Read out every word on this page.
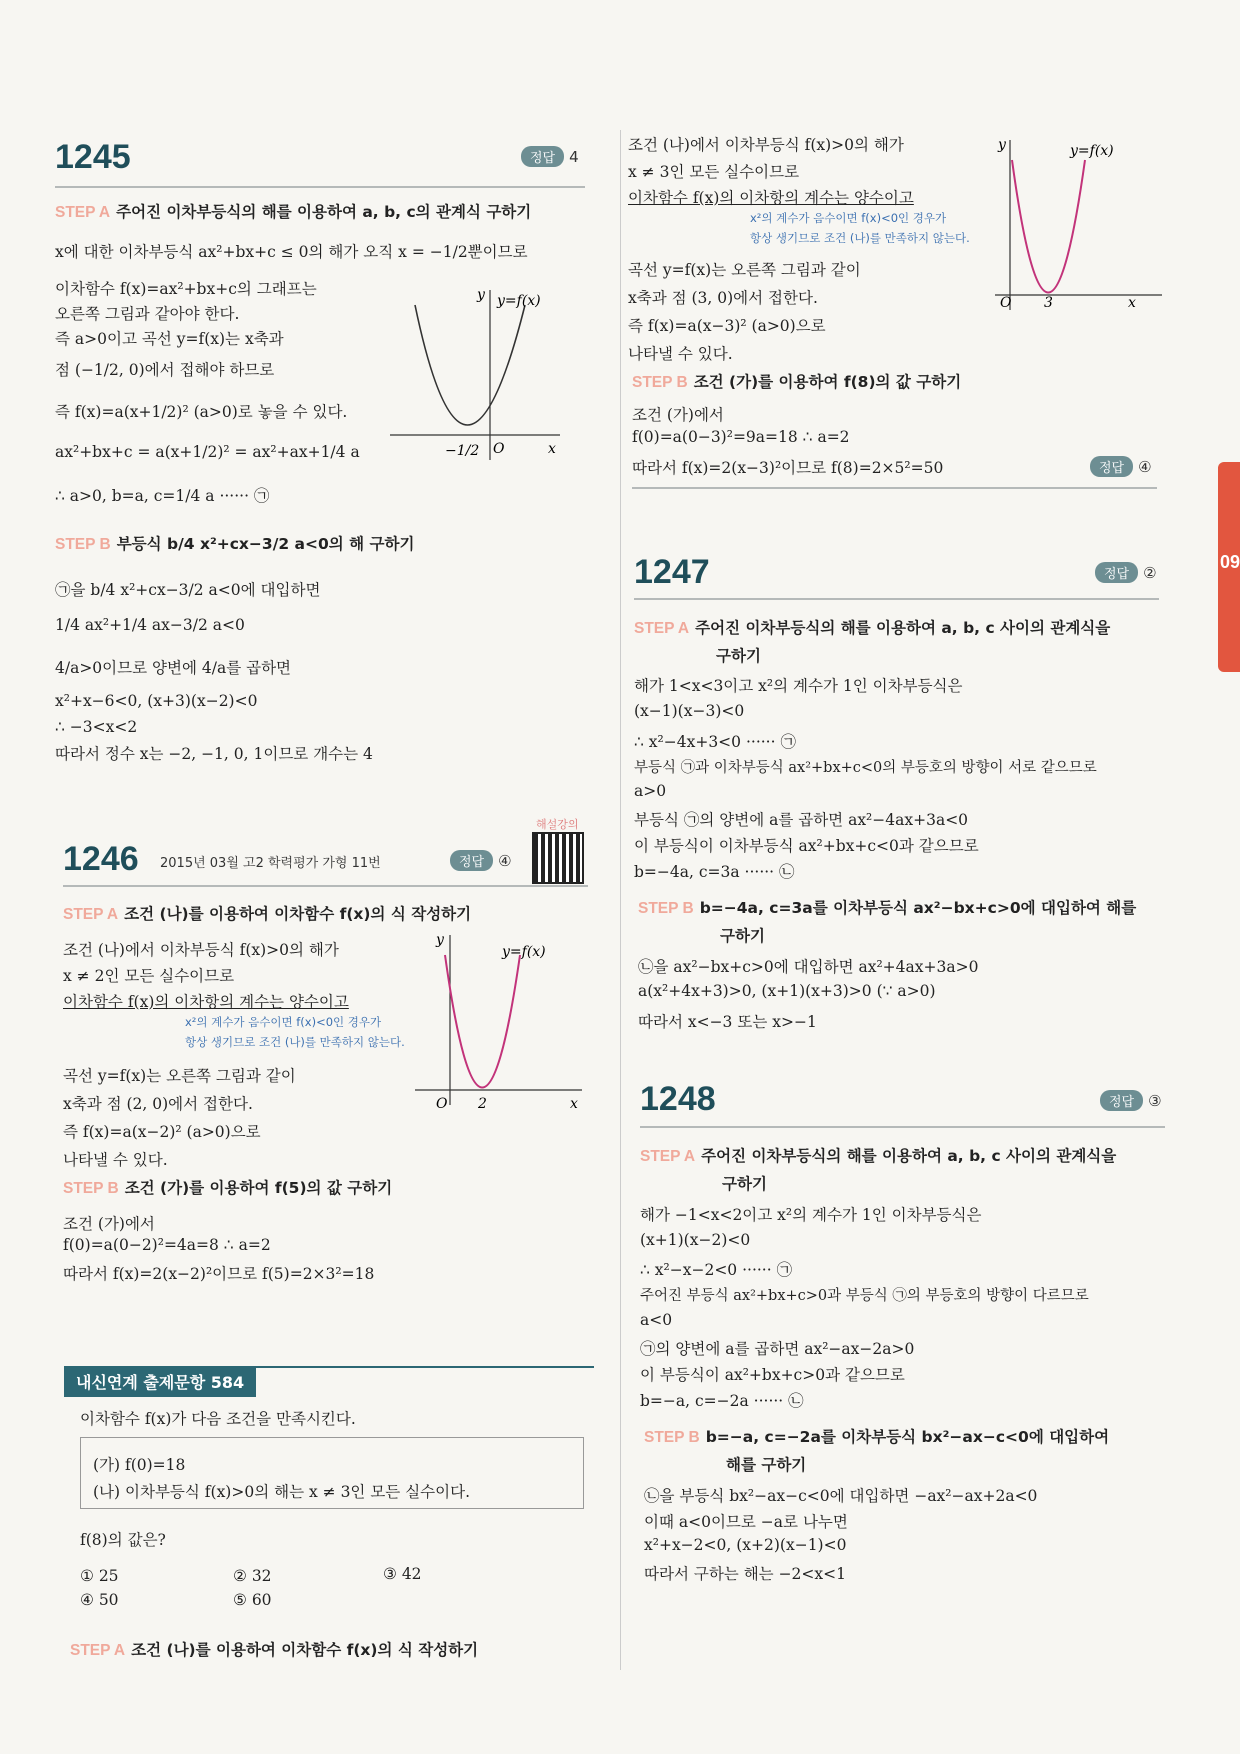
1245	정답 4
STEP A 주어진 이차부등식의 해를 이용하여 a, b, c의 관계식 구하기
x에 대한 이차부등식 ax²+bx+c ≤ 0의 해가 오직 x = −1/2뿐이므로
이차함수 f(x)=ax²+bx+c의 그래프는
오른쪽 그림과 같아야 한다.
즉 a>0이고 곡선 y=f(x)는 x축과
점 (−1/2, 0)에서 접해야 하므로
즉 f(x)=a(x+1/2)² (a>0)로 놓을 수 있다.
ax²+bx+c = a(x+1/2)² = ax²+ax+1/4 a
∴ a>0, b=a, c=1/4 a ······ ㉠
y y=f(x)
x
O
−1/2
STEP B 부등식 b/4 x²+cx−3/2 a<0의 해 구하기
㉠을 b/4 x²+cx−3/2 a<0에 대입하면
1/4 ax²+1/4 ax−3/2 a<0
4/a>0이므로 양변에 4/a를 곱하면
x²+x−6<0, (x+3)(x−2)<0
∴ −3<x<2
따라서 정수 x는 −2, −1, 0, 1이므로 개수는 4
1246 2015년 03월 고2 학력평가 가형 11번	정답 ④
해설강의
STEP A 조건 (나)를 이용하여 이차함수 f(x)의 식 작성하기
조건 (나)에서 이차부등식 f(x)>0의 해가
x ≠ 2인 모든 실수이므로
이차함수 f(x)의 이차항의 계수는 양수이고
x²의 계수가 음수이면 f(x)<0인 경우가
항상 생기므로 조건 (나)를 만족하지 않는다.
곡선 y=f(x)는 오른쪽 그림과 같이
x축과 점 (2, 0)에서 접한다.
즉 f(x)=a(x−2)² (a>0)으로
나타낼 수 있다.
y
y=f(x)
x
O 2
STEP B 조건 (가)를 이용하여 f(5)의 값 구하기
조건 (가)에서
f(0)=a(0−2)²=4a=8 ∴ a=2
따라서 f(x)=2(x−2)²이므로 f(5)=2×3²=18
내신연계 출제문항 584
이차함수 f(x)가 다음 조건을 만족시킨다.
(가) f(0)=18
(나) 이차부등식 f(x)>0의 해는 x ≠ 3인 모든 실수이다.
f(8)의 값은?
① 25	② 32	③ 42
④ 50	⑤ 60
STEP A 조건 (나)를 이용하여 이차함수 f(x)의 식 작성하기
조건 (나)에서 이차부등식 f(x)>0의 해가
x ≠ 3인 모든 실수이므로
이차함수 f(x)의 이차항의 계수는 양수이고
x²의 계수가 음수이면 f(x)<0인 경우가
항상 생기므로 조건 (나)를 만족하지 않는다.
곡선 y=f(x)는 오른쪽 그림과 같이
x축과 점 (3, 0)에서 접한다.
즉 f(x)=a(x−3)² (a>0)으로
나타낼 수 있다.
y	y=f(x)
x
O 3
STEP B 조건 (가)를 이용하여 f(8)의 값 구하기
조건 (가)에서
f(0)=a(0−3)²=9a=18 ∴ a=2
따라서 f(x)=2(x−3)²이므로 f(8)=2×5²=50	정답 ④
1247	정답 ②
STEP A 주어진 이차부등식의 해를 이용하여 a, b, c 사이의 관계식을
구하기
해가 1<x<3이고 x²의 계수가 1인 이차부등식은
(x−1)(x−3)<0
∴ x²−4x+3<0 ······ ㉠
부등식 ㉠과 이차부등식 ax²+bx+c<0의 부등호의 방향이 서로 같으므로
a>0
부등식 ㉠의 양변에 a를 곱하면 ax²−4ax+3a<0
이 부등식이 이차부등식 ax²+bx+c<0과 같으므로
b=−4a, c=3a ······ ㉡
STEP B b=−4a, c=3a를 이차부등식 ax²−bx+c>0에 대입하여 해를
구하기
㉡을 ax²−bx+c>0에 대입하면 ax²+4ax+3a>0
a(x²+4x+3)>0, (x+1)(x+3)>0 (∵ a>0)
따라서 x<−3 또는 x>−1
1248	정답 ③
STEP A 주어진 이차부등식의 해를 이용하여 a, b, c 사이의 관계식을
구하기
해가 −1<x<2이고 x²의 계수가 1인 이차부등식은
(x+1)(x−2)<0
∴ x²−x−2<0 ······ ㉠
주어진 부등식 ax²+bx+c>0과 부등식 ㉠의 부등호의 방향이 다르므로
a<0
㉠의 양변에 a를 곱하면 ax²−ax−2a>0
이 부등식이 ax²+bx+c>0과 같으므로
b=−a, c=−2a ······ ㉡
STEP B b=−a, c=−2a를 이차부등식 bx²−ax−c<0에 대입하여
해를 구하기
㉡을 부등식 bx²−ax−c<0에 대입하면 −ax²−ax+2a<0
이때 a<0이므로 −a로 나누면
x²+x−2<0, (x+2)(x−1)<0
따라서 구하는 해는 −2<x<1
09
